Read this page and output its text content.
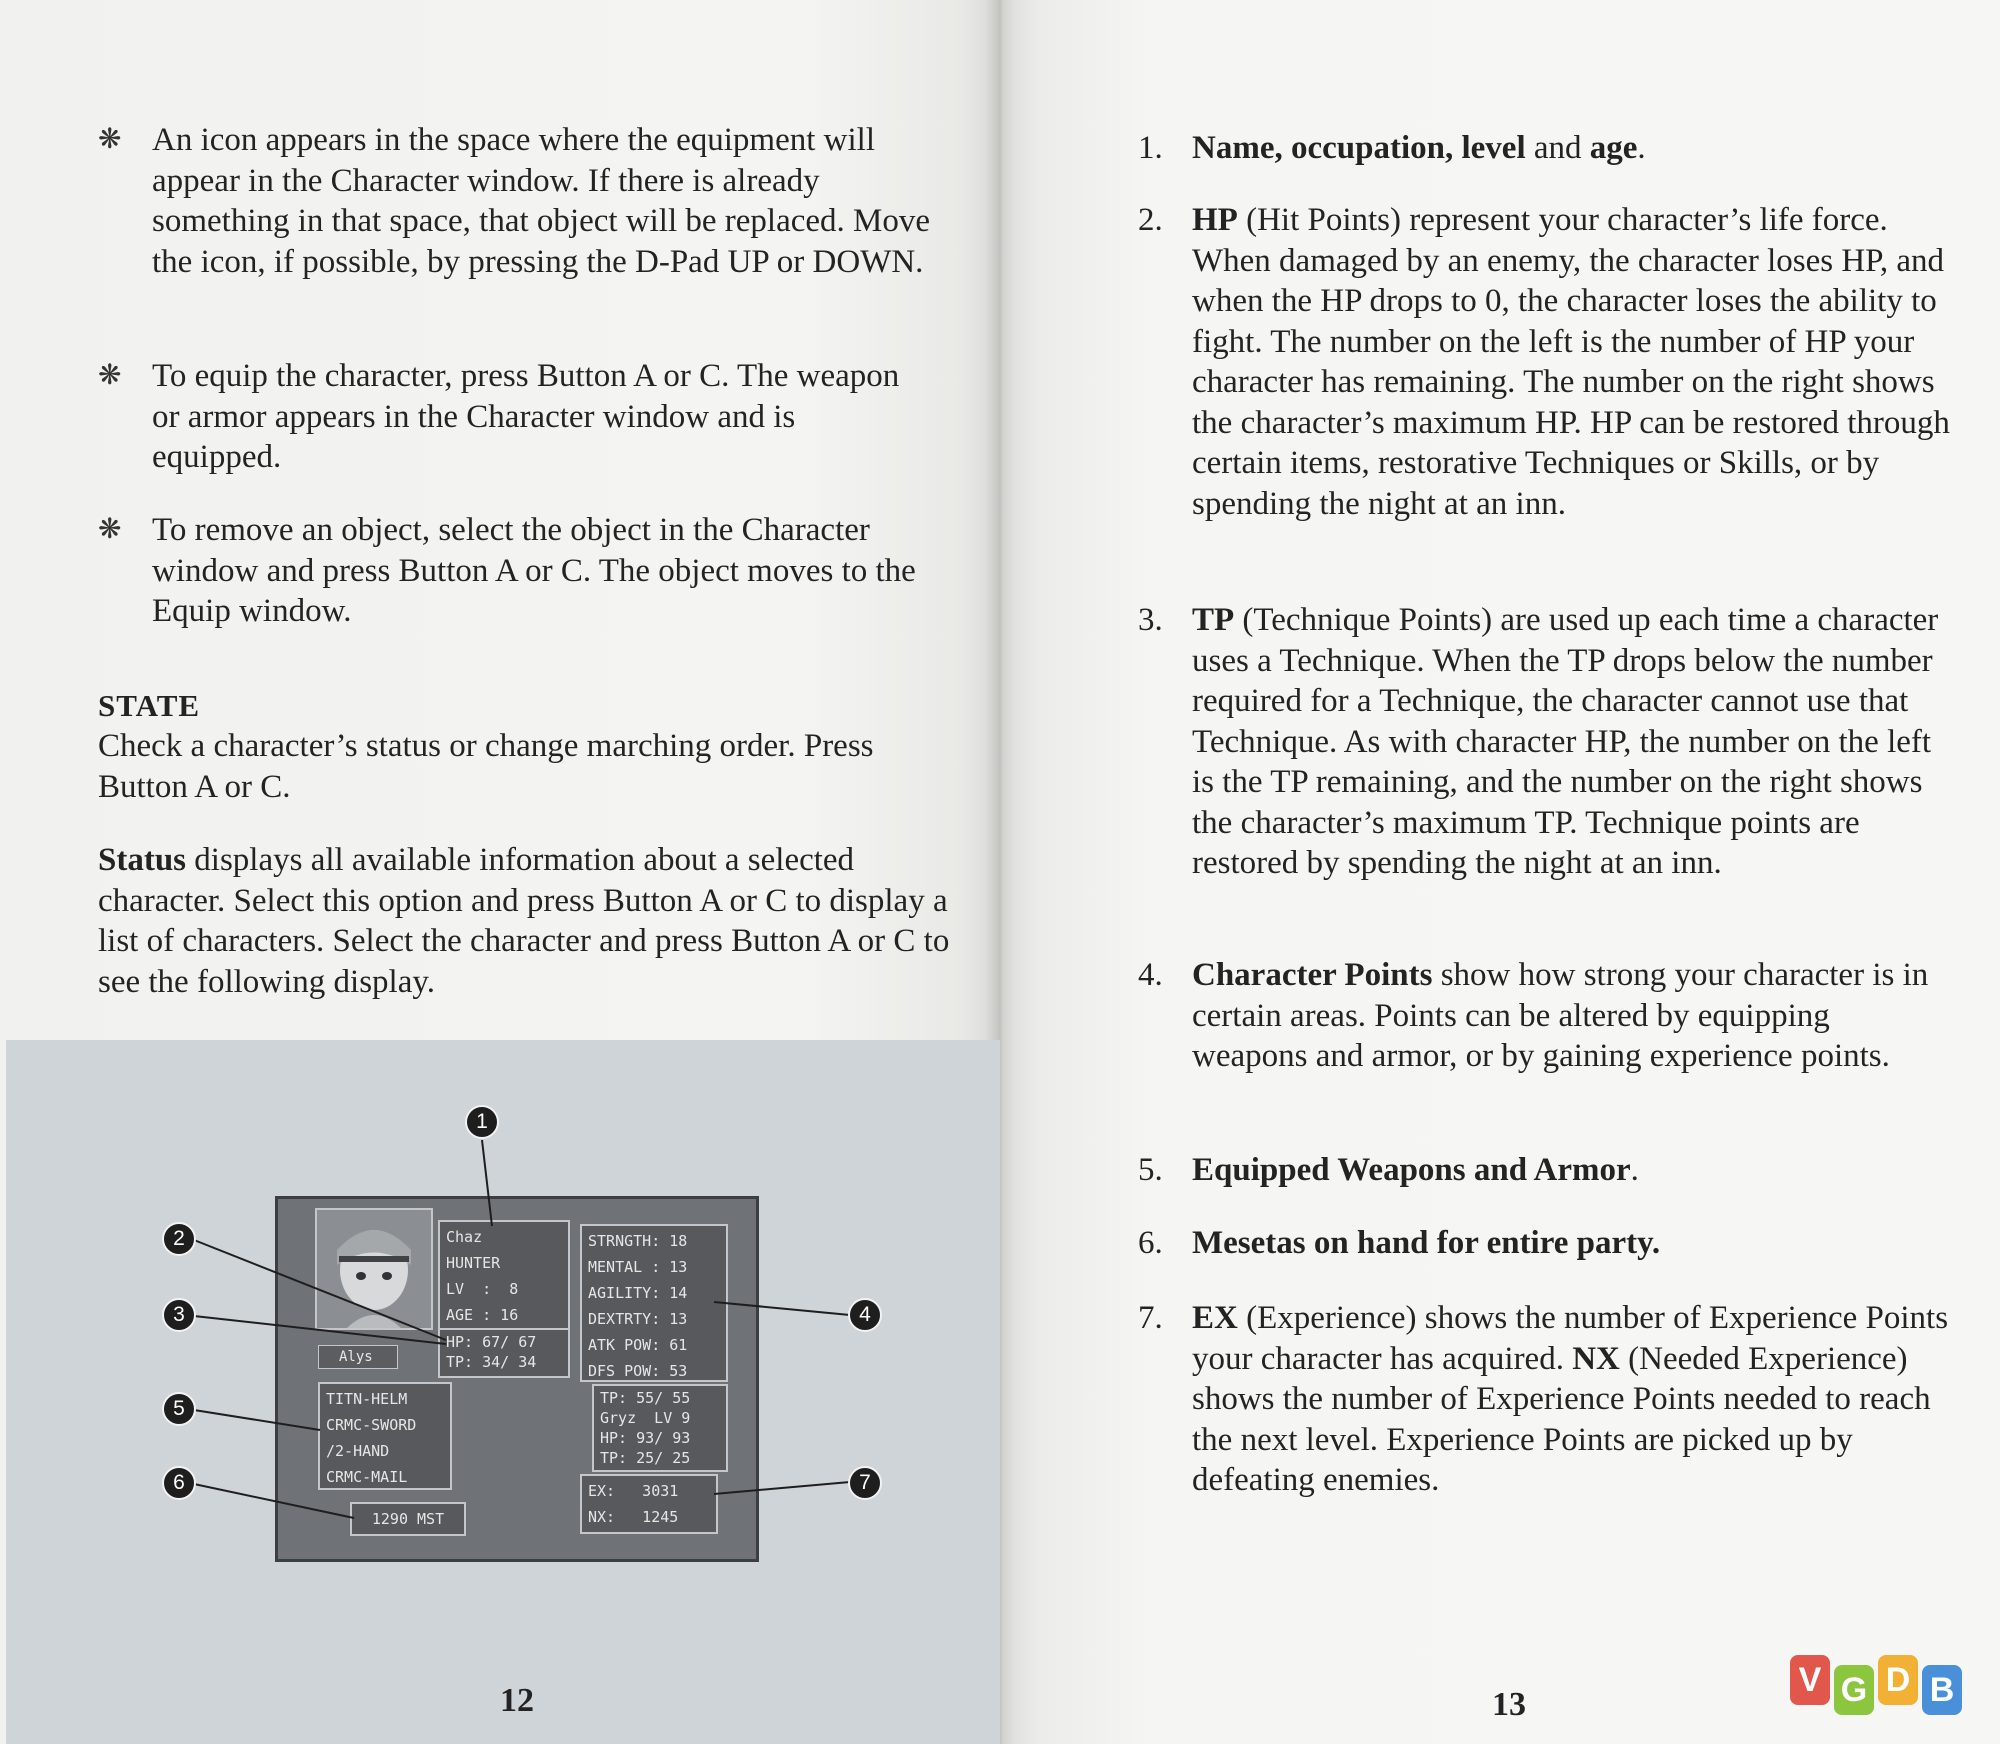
❋ An icon appears in the space where the equipment will appear in the Character window. If there is already something in that space, that object will be replaced. Move the icon, if possible, by pressing the D-Pad UP or DOWN.
❋ To equip the character, press Button A or C. The weapon or armor appears in the Character window and is equipped.
❋ To remove an object, select the object in the Character window and press Button A or C. The object moves to the Equip window.
STATE
Check a character’s status or change marching order. Press Button A or C.
Status displays all available information about a selected character. Select this option and press Button A or C to display a list of characters. Select the character and press Button A or C to see the following display.
Alys
Chaz
HUNTER
LV  :  8
AGE : 16
HP: 67/ 67
TP: 34/ 34
STRNGTH: 18
MENTAL : 13
AGILITY: 14
DEXTRTY: 13
ATK POW: 61
DFS POW: 53
TP: 55/ 55
Gryz  LV 9
HP: 93/ 93
TP: 25/ 25
TITN-HELM
CRMC-SWORD
/2-HAND
CRMC-MAIL
1290 MST
EX:   3031
NX:   1245
1
2
3	4
5
6	7
12
1. Name, occupation, level and age.
2. HP (Hit Points) represent your character’s life force. When damaged by an enemy, the character loses HP, and when the HP drops to 0, the character loses the ability to fight. The number on the left is the number of HP your character has remaining. The number on the right shows the character’s maximum HP. HP can be restored through certain items, restorative Techniques or Skills, or by spending the night at an inn.
3. TP (Technique Points) are used up each time a character uses a Technique. When the TP drops below the number required for a Technique, the character cannot use that Technique. As with character HP, the number on the left is the TP remaining, and the number on the right shows the character’s maximum TP. Technique points are restored by spending the night at an inn.
4. Character Points show how strong your character is in certain areas. Points can be altered by equipping weapons and armor, or by gaining experience points.
5. Equipped Weapons and Armor.
6. Mesetas on hand for entire party.
7. EX (Experience) shows the number of Experience Points your character has acquired. NX (Needed Experience) shows the number of Experience Points needed to reach the next level. Experience Points are picked up by defeating enemies.
13
V G D B
